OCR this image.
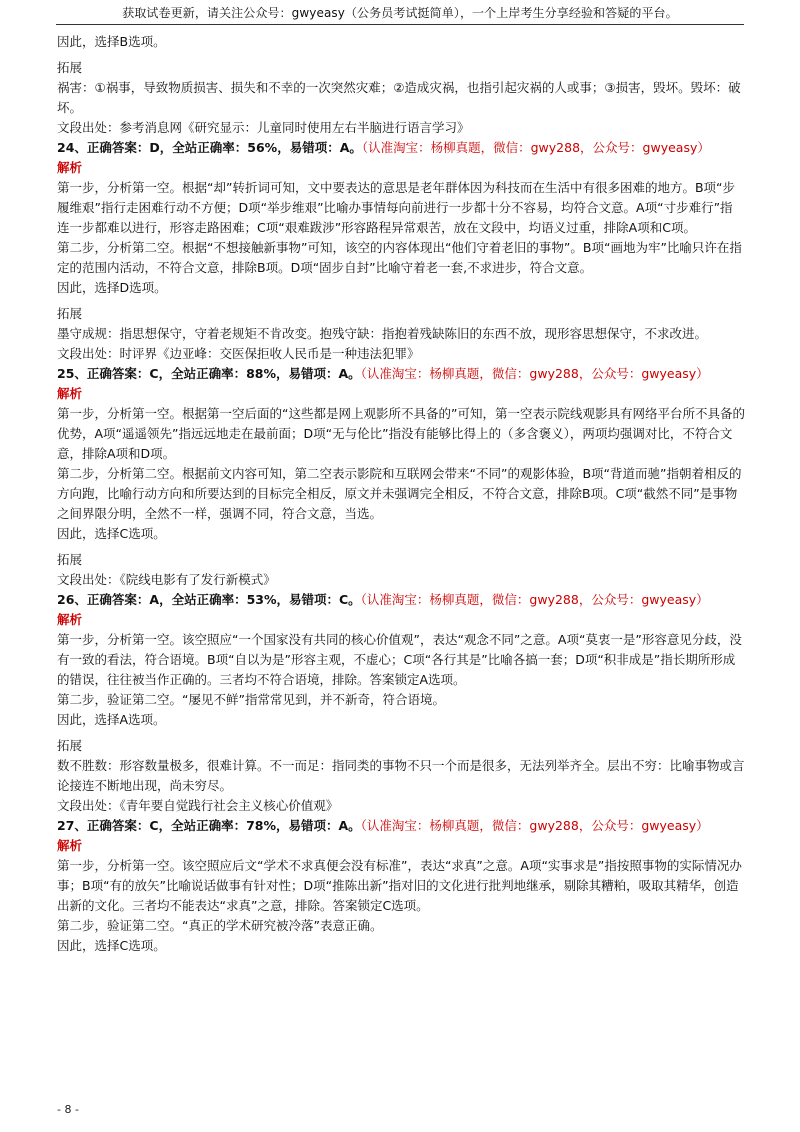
获取试卷更新，请关注公众号：gwyeasy（公务员考试挺简单），一个上岸考生分享经验和答疑的平台。

因此，选择B选项。

拓展

祸害：①祸事，导致物质损害、损失和不幸的一次突然灾难；②造成灾祸，也指引起灾祸的人或事；③损害，毁坏。毁坏：破坏。

文段出处：参考消息网《研究显示：儿童同时使用左右半脑进行语言学习》

24、正确答案：D，全站正确率：56%，易错项：A。（认准淘宝：杨柳真题，微信：gwy288，公众号：gwyeasy）

解析

第一步，分析第一空。根据“却”转折词可知，文中要表达的意思是老年群体因为科技而在生活中有很多困难的地方。B项“步履维艰”指行走困难行动不方便；D项“举步维艰”比喻办事情每向前进行一步都十分不容易，均符合文意。A项“寸步难行”指连一步都难以进行，形容走路困难；C项“艰难跋涉”形容路程异常艰苦，放在文段中，均语义过重，排除A项和C项。

第二步，分析第二空。根据“不想接触新事物”可知，该空的内容体现出“他们守着老旧的事物”。B项“画地为牢”比喻只许在指定的范围内活动，不符合文意，排除B项。D项“固步自封”比喻守着老一套,不求进步，符合文意。

因此，选择D选项。

拓展

墨守成规：指思想保守，守着老规矩不肯改变。抱残守缺：指抱着残缺陈旧的东西不放，现形容思想保守，不求改进。

文段出处：时评界《边亚峰：交医保拒收人民币是一种违法犯罪》

25、正确答案：C，全站正确率：88%，易错项：A。（认准淘宝：杨柳真题，微信：gwy288，公众号：gwyeasy）

解析

第一步，分析第一空。根据第一空后面的“这些都是网上观影所不具备的”可知，第一空表示院线观影具有网络平台所不具备的优势，A项“遥遥领先”指远远地走在最前面；D项“无与伦比”指没有能够比得上的（多含褒义），两项均强调对比，不符合文意，排除A项和D项。

第二步，分析第二空。根据前文内容可知，第二空表示影院和互联网会带来“不同”的观影体验，B项“背道而驰”指朝着相反的方向跑，比喻行动方向和所要达到的目标完全相反，原文并未强调完全相反，不符合文意，排除B项。C项“截然不同”是事物之间界限分明，全然不一样，强调不同，符合文意，当选。

因此，选择C选项。

拓展

文段出处：《院线电影有了发行新模式》

26、正确答案：A，全站正确率：53%，易错项：C。（认准淘宝：杨柳真题，微信：gwy288，公众号：gwyeasy）

解析

第一步，分析第一空。该空照应“一个国家没有共同的核心价值观”，表达“观念不同”之意。A项“莫衷一是”形容意见分歧，没有一致的看法，符合语境。B项“自以为是”形容主观，不虚心；C项“各行其是”比喻各搞一套；D项“积非成是”指长期所形成的错误，往往被当作正确的。三者均不符合语境，排除。答案锁定A选项。

第二步，验证第二空。“屡见不鲜”指常常见到，并不新奇，符合语境。

因此，选择A选项。

拓展

数不胜数：形容数量极多，很难计算。不一而足：指同类的事物不只一个而是很多，无法列举齐全。层出不穷：比喻事物或言论接连不断地出现，尚未穷尽。

文段出处：《青年要自觉践行社会主义核心价值观》

27、正确答案：C，全站正确率：78%，易错项：A。（认准淘宝：杨柳真题，微信：gwy288，公众号：gwyeasy）

解析

第一步，分析第一空。该空照应后文“学术不求真便会没有标准”，表达“求真”之意。A项“实事求是”指按照事物的实际情况办事；B项“有的放矢”比喻说话做事有针对性；D项“推陈出新”指对旧的文化进行批判地继承，剔除其糟粕，吸取其精华，创造出新的文化。三者均不能表达“求真”之意，排除。答案锁定C选项。

第二步，验证第二空。“真正的学术研究被冷落”表意正确。

因此，选择C选项。

- 8 -
